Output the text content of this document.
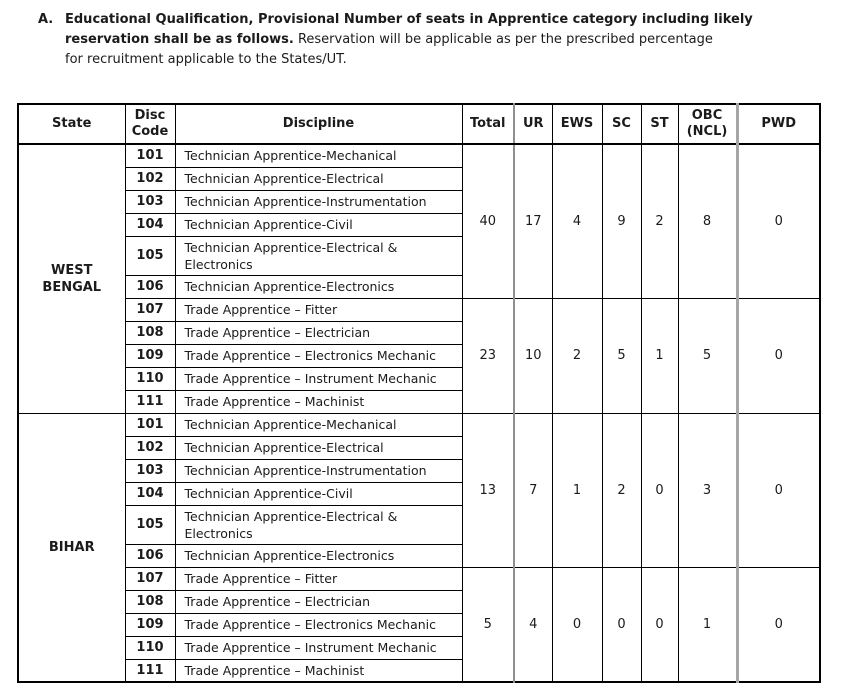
A. Educational Qualification, Provisional Number of seats in Apprentice category including likely
reservation shall be as follows. Reservation will be applicable as per the prescribed percentage
for recruitment applicable to the States/UT.

State	Disc Code	Discipline	Total	UR	EWS	SC	ST	OBC (NCL)	PWD
WEST BENGAL	101	Technician Apprentice-Mechanical	40	17	4	9	2	8	0
	102	Technician Apprentice-Electrical							
	103	Technician Apprentice-Instrumentation							
	104	Technician Apprentice-Civil							
	105	Technician Apprentice-Electrical & Electronics							
	106	Technician Apprentice-Electronics							
	107	Trade Apprentice – Fitter	23	10	2	5	1	5	0
	108	Trade Apprentice – Electrician							
	109	Trade Apprentice – Electronics Mechanic							
	110	Trade Apprentice – Instrument Mechanic							
	111	Trade Apprentice – Machinist							
BIHAR	101	Technician Apprentice-Mechanical	13	7	1	2	0	3	0
	102	Technician Apprentice-Electrical							
	103	Technician Apprentice-Instrumentation							
	104	Technician Apprentice-Civil							
	105	Technician Apprentice-Electrical & Electronics							
	106	Technician Apprentice-Electronics							
	107	Trade Apprentice – Fitter	5	4	0	0	0	1	0
	108	Trade Apprentice – Electrician							
	109	Trade Apprentice – Electronics Mechanic							
	110	Trade Apprentice – Instrument Mechanic							
	111	Trade Apprentice – Machinist							
